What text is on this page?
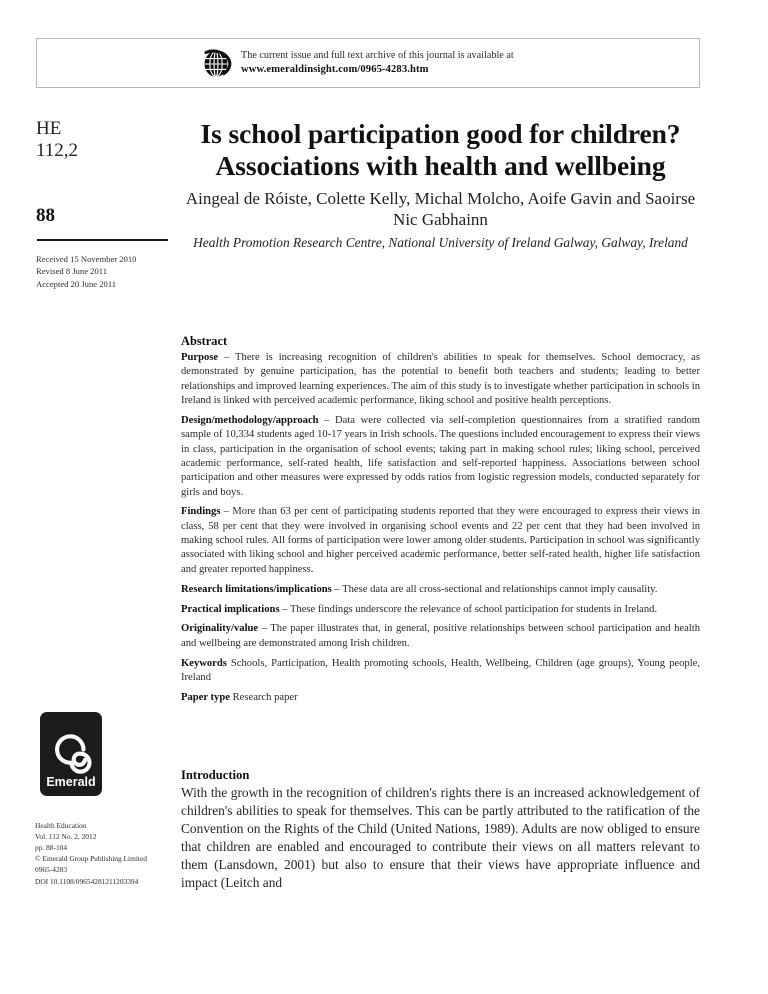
The current issue and full text archive of this journal is available at
www.emeraldinsight.com/0965-4283.htm
HE
112,2
88
Received 15 November 2010
Revised 8 June 2011
Accepted 20 June 2011
Emerald
Health Education
Vol. 112 No. 2, 2012
pp. 88-104
© Emerald Group Publishing Limited
0965-4283
DOI 10.1108/09654281211203394
Is school participation good for children? Associations with health and wellbeing
Aingeal de Róiste, Colette Kelly, Michal Molcho, Aoife Gavin and Saoirse Nic Gabhainn
Health Promotion Research Centre, National University of Ireland Galway, Galway, Ireland
Abstract

Purpose – There is increasing recognition of children's abilities to speak for themselves. School democracy, as demonstrated by genuine participation, has the potential to benefit both teachers and students; leading to better relationships and improved learning experiences. The aim of this study is to investigate whether participation in schools in Ireland is linked with perceived academic performance, liking school and positive health perceptions.

Design/methodology/approach – Data were collected via self-completion questionnaires from a stratified random sample of 10,334 students aged 10-17 years in Irish schools. The questions included encouragement to express their views in class, participation in the organisation of school events; taking part in making school rules; liking school, perceived academic performance, self-rated health, life satisfaction and self-reported happiness. Associations between school participation and other measures were expressed by odds ratios from logistic regression models, conducted separately for girls and boys.

Findings – More than 63 per cent of participating students reported that they were encouraged to express their views in class, 58 per cent that they were involved in organising school events and 22 per cent that they had been involved in making school rules. All forms of participation were lower among older students. Participation in school was significantly associated with liking school and higher perceived academic performance, better self-rated health, higher life satisfaction and greater reported happiness.

Research limitations/implications – These data are all cross-sectional and relationships cannot imply causality.

Practical implications – These findings underscore the relevance of school participation for students in Ireland.

Originality/value – The paper illustrates that, in general, positive relationships between school participation and health and wellbeing are demonstrated among Irish children.

Keywords Schools, Participation, Health promoting schools, Health, Wellbeing, Children (age groups), Young people, Ireland

Paper type Research paper

Introduction

With the growth in the recognition of children's rights there is an increased acknowledgement of children's abilities to speak for themselves. This can be partly attributed to the ratification of the Convention on the Rights of the Child (United Nations, 1989). Adults are now obliged to ensure that children are enabled and encouraged to contribute their views on all matters relevant to them (Lansdown, 2001) but also to ensure that their views have appropriate influence and impact (Leitch and
